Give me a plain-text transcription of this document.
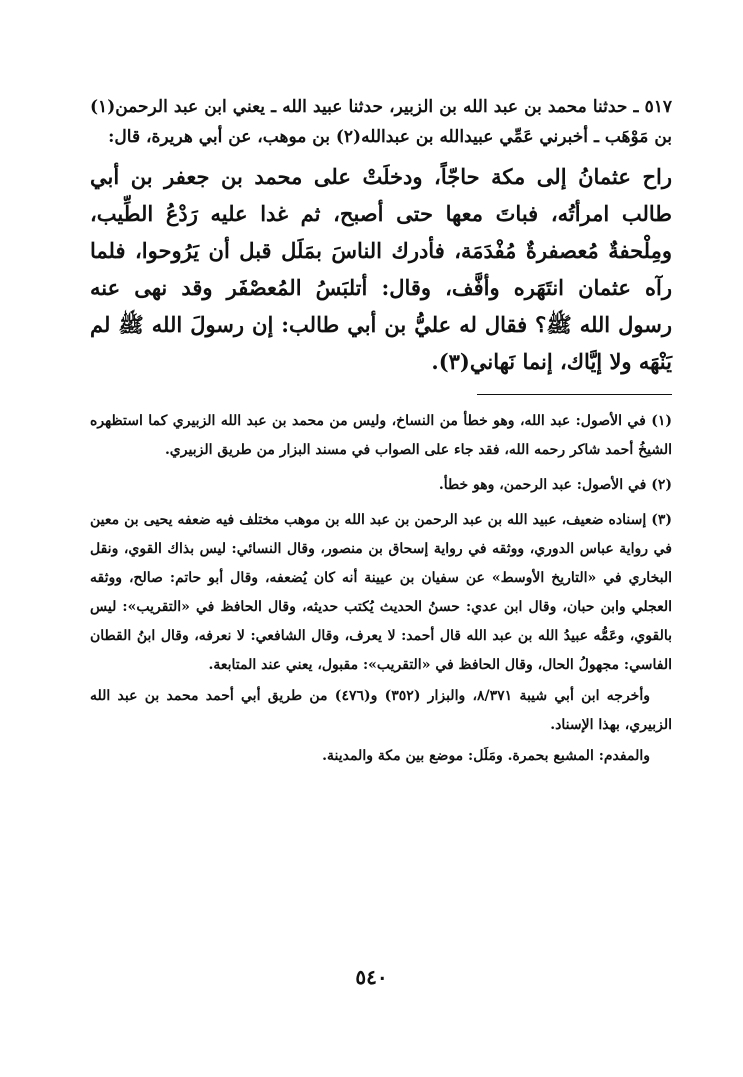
٥١٧ ـ حدثنا محمد بن عبد الله بن الزبير، حدثنا عبيد الله ـ يعني ابن عبد الرحمن(١) بن مَوْهَب ـ أخبرني عَمِّي عبيدالله بن عبدالله(٢) بن موهب، عن أبي هريرة، قال:
راح عثمانُ إلى مكة حاجّاً، ودخلَتْ على محمد بن جعفر بن أبي طالب امرأتُه، فباتَ معها حتى أصبح، ثم غدا عليه رَدْعُ الطِّيب، ومِلْحفةٌ مُعصفرةٌ مُفْدَمَة، فأدرك الناسَ بمَلَل قبل أن يَرُوحوا، فلما رآه عثمان انتَهَره وأفَّف، وقال: أتلبَسُ المُعصْفَر وقد نهى عنه رسول الله ﷺ؟ فقال له عليُّ بن أبي طالب: إن رسولَ الله ﷺ لم يَنْهَه ولا إيَّاك، إنما نَهاني(٣).

(١) في الأصول: عبد الله، وهو خطأ من النساخ، وليس من محمد بن عبد الله الزبيري كما استظهره الشيخُ أحمد شاكر رحمه الله، فقد جاء على الصواب في مسند البزار من طريق الزبيري.

(٢) في الأصول: عبد الرحمن، وهو خطأ.

(٣) إسناده ضعيف، عبيد الله بن عبد الرحمن بن عبد الله بن موهب مختلف فيه ضعفه يحيى بن معين في رواية عباس الدوري، ووثقه في رواية إسحاق بن منصور، وقال النسائي: ليس بذاك القوي، ونقل البخاري في «التاريخ الأوسط» عن سفيان بن عيينة أنه كان يُضعفه، وقال أبو حاتم: صالح، ووثقه العجلي وابن حبان، وقال ابن عدي: حسنُ الحديث يُكتب حديثه، وقال الحافظ في «التقريب»: ليس بالقوي، وعَمُّه عبيدُ الله بن عبد الله قال أحمد: لا يعرف، وقال الشافعي: لا نعرفه، وقال ابنُ القطان الفاسي: مجهولُ الحال، وقال الحافظ في «التقريب»: مقبول، يعني عند المتابعة.

وأخرجه ابن أبي شيبة ٨/٣٧١، والبزار (٣٥٢) و(٤٧٦) من طريق أبي أحمد محمد بن عبد الله الزبيري، بهذا الإسناد.

والمفدم: المشبع بحمرة. ومَلَل: موضع بين مكة والمدينة.

٥٤٠
